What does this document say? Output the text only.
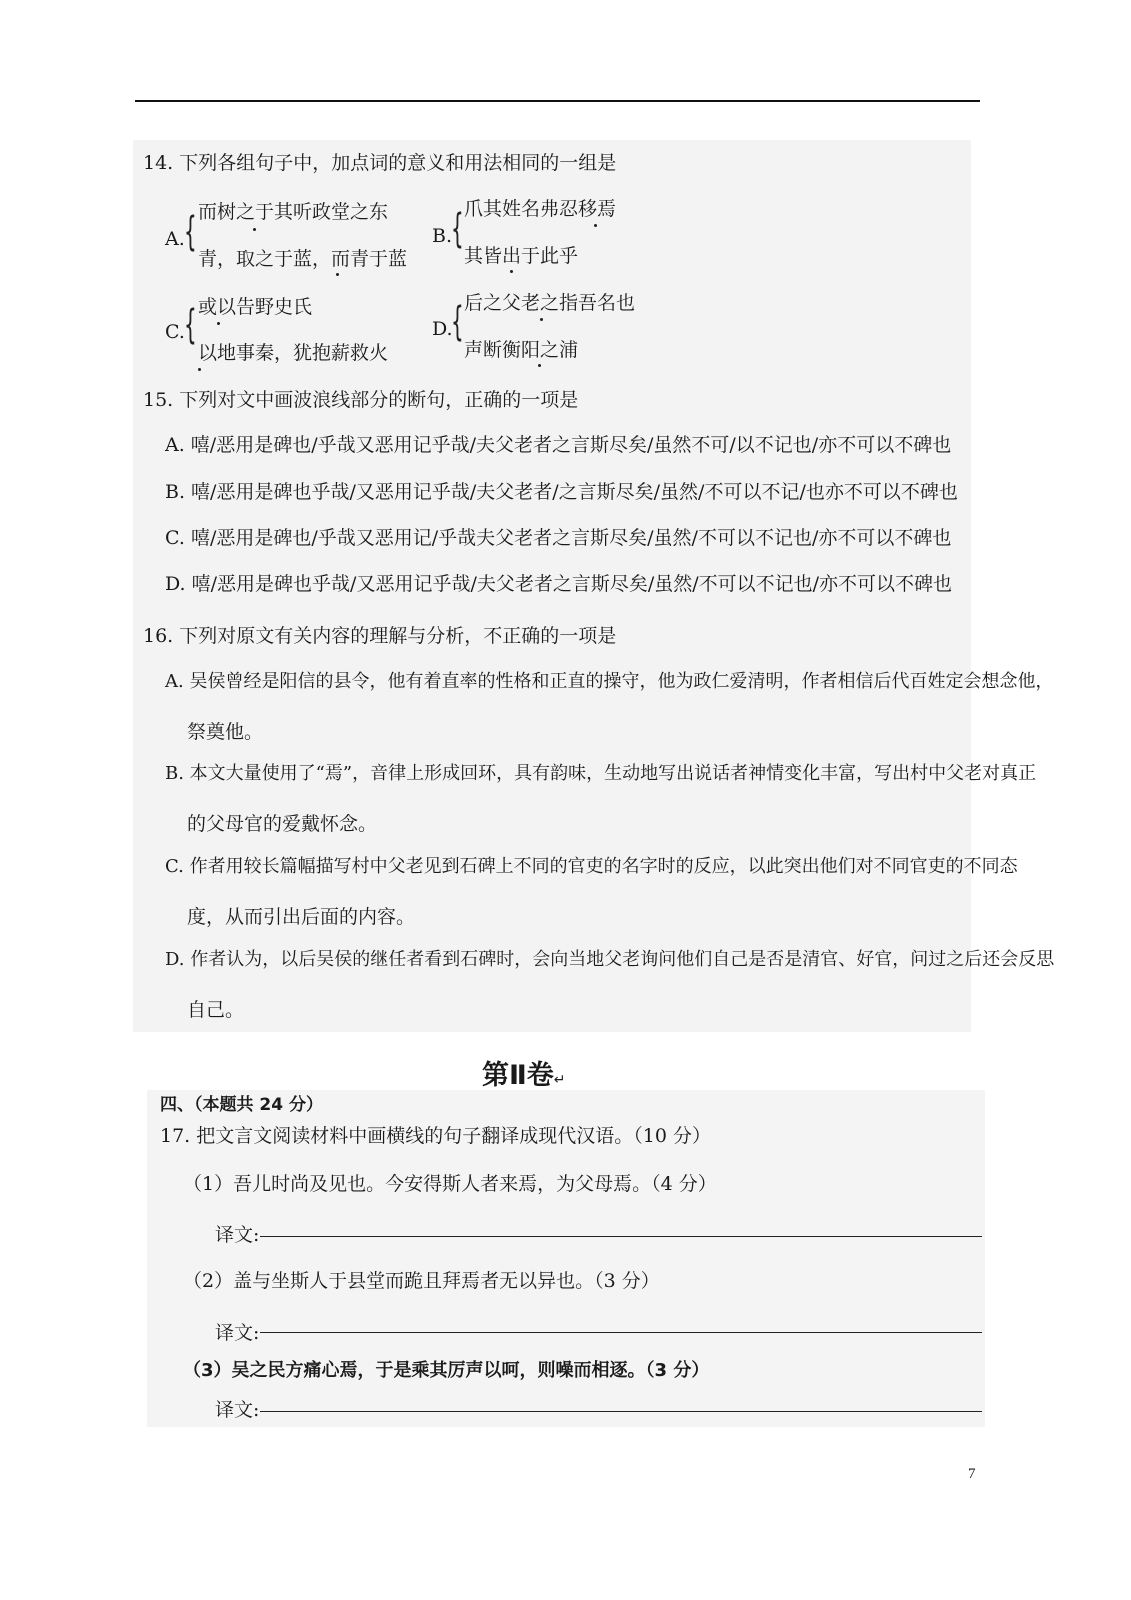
14. 下列各组句子中，加点词的意义和用法相同的一组是
A. { 而树之于其听政堂之东
青，取之于蓝，而青于蓝
B.
{ 爪其姓名弗忍移焉
其皆出于此乎
C. { 或以告野史氏
以地事秦，犹抱薪救火
D.
{ 后之父老之指吾名也
声断衡阳之浦
15. 下列对文中画波浪线部分的断句，正确的一项是
A. 嘻/恶用是碑也/乎哉又恶用记乎哉/夫父老者之言斯尽矣/虽然不可/以不记也/亦不可以不碑也
B. 嘻/恶用是碑也乎哉/又恶用记乎哉/夫父老者/之言斯尽矣/虽然/不可以不记/也亦不可以不碑也
C. 嘻/恶用是碑也/乎哉又恶用记/乎哉夫父老者之言斯尽矣/虽然/不可以不记也/亦不可以不碑也
D. 嘻/恶用是碑也乎哉/又恶用记乎哉/夫父老者之言斯尽矣/虽然/不可以不记也/亦不可以不碑也
16. 下列对原文有关内容的理解与分析，不正确的一项是
A. 吴侯曾经是阳信的县令，他有着直率的性格和正直的操守，他为政仁爱清明，作者相信后代百姓定会想念他，
祭奠他。
B. 本文大量使用了“焉”，音律上形成回环，具有韵味，生动地写出说话者神情变化丰富，写出村中父老对真正
的父母官的爱戴怀念。
C. 作者用较长篇幅描写村中父老见到石碑上不同的官吏的名字时的反应，以此突出他们对不同官吏的不同态
度，从而引出后面的内容。
D. 作者认为，以后吴侯的继任者看到石碑时，会向当地父老询问他们自己是否是清官、好官，问过之后还会反思
自己。
第Ⅱ卷↵
四、（本题共 24 分）
17. 把文言文阅读材料中画横线的句子翻译成现代汉语。（10 分）
（1）吾儿时尚及见也。今安得斯人者来焉，为父母焉。（4 分）
译文:
（2）盖与坐斯人于县堂而跪且拜焉者无以异也。（3 分）
译文:
（3）吴之民方痛心焉，于是乘其厉声以呵，则噪而相逐。（3 分）
译文:
7
